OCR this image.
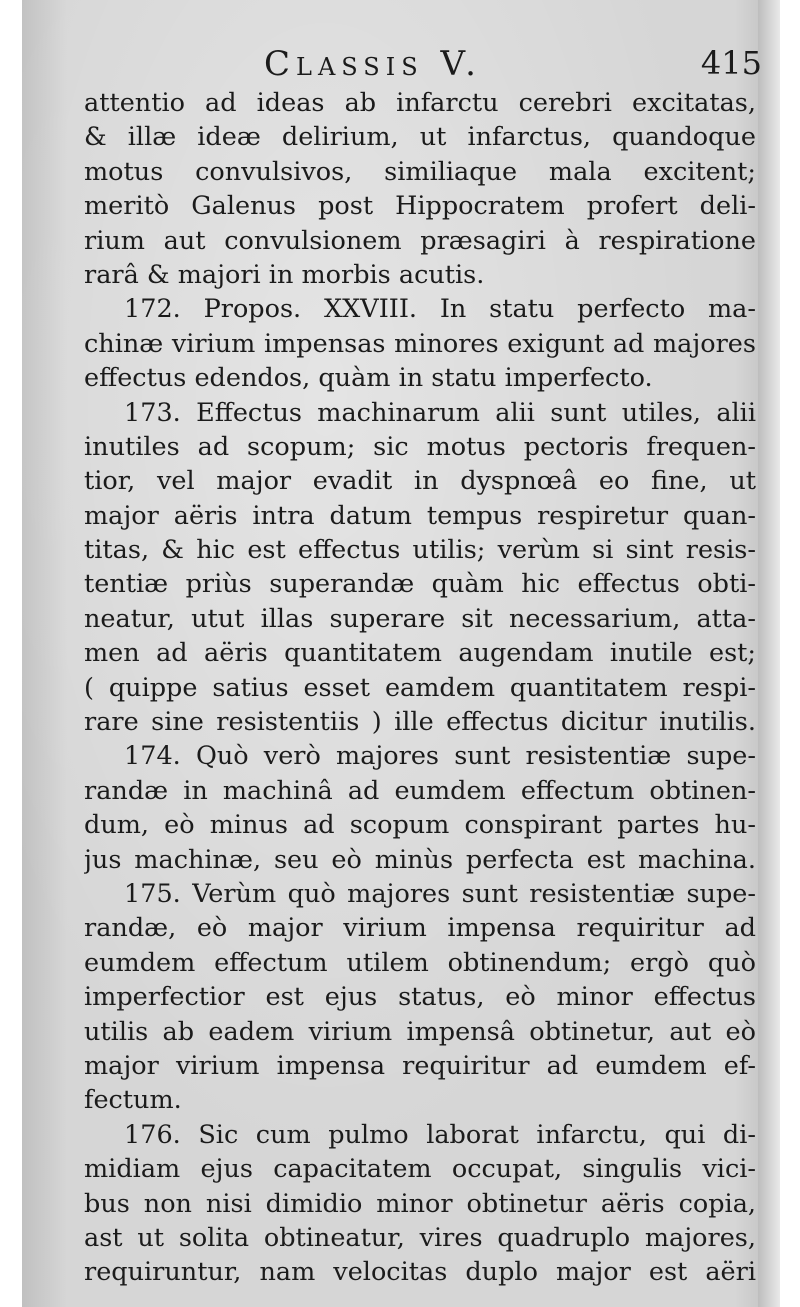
Classis V.	415
attentio ad ideas ab infarctu cerebri excitatas,
& illæ ideæ delirium, ut infarctus, quandoque
motus convulsivos, similiaque mala excitent;
meritò Galenus post Hippocratem profert deli-
rium aut convulsionem præsagiri à respiratione
rarâ & majori in morbis acutis.
172. Propos. XXVIII. In statu perfecto ma-
chinæ virium impensas minores exigunt ad majores
effectus edendos, quàm in statu imperfecto.
173. Effectus machinarum alii sunt utiles, alii
inutiles ad scopum; sic motus pectoris frequen-
tior, vel major evadit in dyspnœâ eo fine, ut
major aëris intra datum tempus respiretur quan-
titas, & hic est effectus utilis; verùm si sint resis-
tentiæ priùs superandæ quàm hic effectus obti-
neatur, utut illas superare sit necessarium, atta-
men ad aëris quantitatem augendam inutile est;
( quippe satius esset eamdem quantitatem respi-
rare sine resistentiis ) ille effectus dicitur inutilis.
174. Quò verò majores sunt resistentiæ supe-
randæ in machinâ ad eumdem effectum obtinen-
dum, eò minus ad scopum conspirant partes hu-
jus machinæ, seu eò minùs perfecta est machina.
175. Verùm quò majores sunt resistentiæ supe-
randæ, eò major virium impensa requiritur ad
eumdem effectum utilem obtinendum; ergò quò
imperfectior est ejus status, eò minor effectus
utilis ab eadem virium impensâ obtinetur, aut eò
major virium impensa requiritur ad eumdem ef-
fectum.
176. Sic cum pulmo laborat infarctu, qui di-
midiam ejus capacitatem occupat, singulis vici-
bus non nisi dimidio minor obtinetur aëris copia,
ast ut solita obtineatur, vires quadruplo majores,
requiruntur, nam velocitas duplo major est aëri
